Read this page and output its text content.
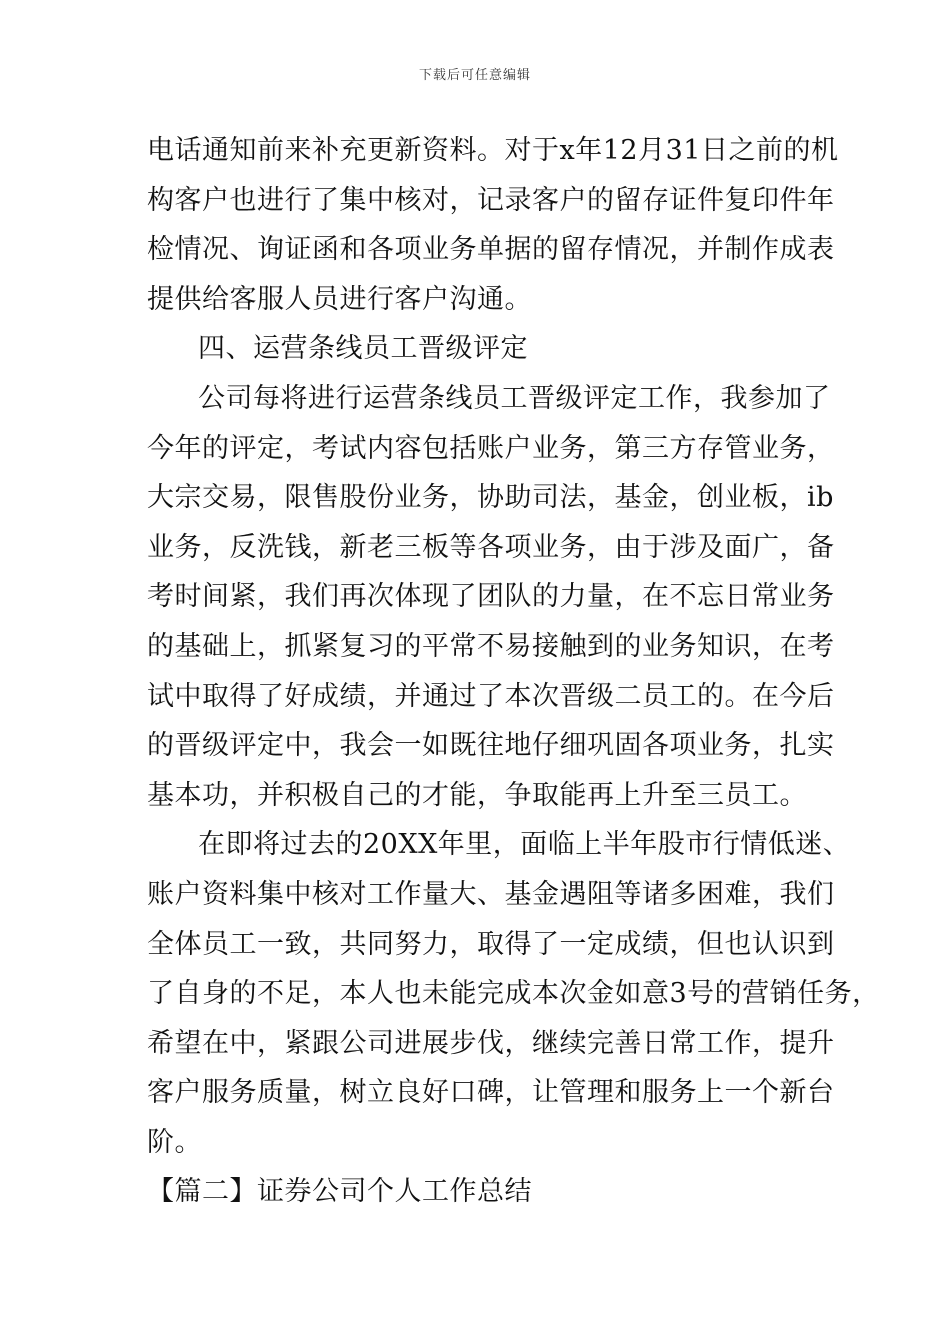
下载后可任意编辑
电话通知前来补充更新资料。对于x年12月31日之前的机
构客户也进行了集中核对，记录客户的留存证件复印件年
检情况、询证函和各项业务单据的留存情况，并制作成表
提供给客服人员进行客户沟通。
四、运营条线员工晋级评定
公司每将进行运营条线员工晋级评定工作，我参加了
今年的评定，考试内容包括账户业务，第三方存管业务，
大宗交易，限售股份业务，协助司法，基金，创业板，ib
业务，反洗钱，新老三板等各项业务，由于涉及面广，备
考时间紧，我们再次体现了团队的力量，在不忘日常业务
的基础上，抓紧复习的平常不易接触到的业务知识，在考
试中取得了好成绩，并通过了本次晋级二员工的。在今后
的晋级评定中，我会一如既往地仔细巩固各项业务，扎实
基本功，并积极自己的才能，争取能再上升至三员工。
在即将过去的20XX年里，面临上半年股市行情低迷、
账户资料集中核对工作量大、基金遇阻等诸多困难，我们
全体员工一致，共同努力，取得了一定成绩，但也认识到
了自身的不足，本人也未能完成本次金如意3号的营销任务，
希望在中，紧跟公司进展步伐，继续完善日常工作，提升
客户服务质量，树立良好口碑，让管理和服务上一个新台
阶。
【篇二】证券公司个人工作总结
